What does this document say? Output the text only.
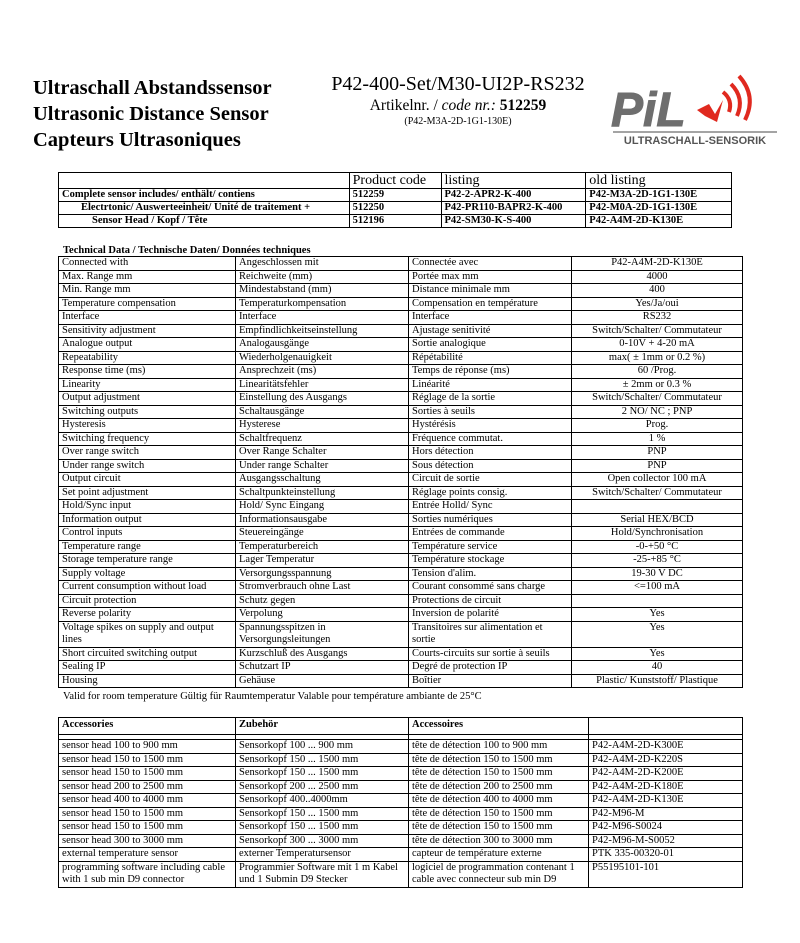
Ultraschall Abstandssensor
Ultrasonic Distance Sensor
Capteurs Ultrasoniques
P42-400-Set/M30-UI2P-RS232
Artikelnr. / code nr.: 512259
(P42-M3A-2D-1G1-130E)	PiL
ULTRASCHALL-SENSORIK
	Product code	listing	old listing
Complete sensor includes/ enthält/ contiens	512259	P42-2-APR2-K-400	P42-M3A-2D-1G1-130E
Electrtonic/ Auswerteeinheit/ Unité de traitement +	512250	P42-PR110-BAPR2-K-400	P42-M0A-2D-1G1-130E
Sensor Head / Kopf / Tête	512196	P42-SM30-K-S-400	P42-A4M-2D-K130E
Technical Data / Technische Daten/ Données techniques
Connected with	Angeschlossen mit	Connectée avec	P42-A4M-2D-K130E
Max. Range mm	Reichweite (mm)	Portée max mm	4000
Min. Range mm	Mindestabstand (mm)	Distance minimale mm	400
Temperature compensation	Temperaturkompensation	Compensation en température	Yes/Ja/oui
Interface	Interface	Interface	RS232
Sensitivity adjustment	Empfindlichkeitseinstellung	Ajustage senitivité	Switch/Schalter/ Commutateur
Analogue output	Analogausgänge	Sortie analogique	0-10V + 4-20 mA
Repeatability	Wiederholgenauigkeit	Répétabilité	max( ± 1mm or 0.2 %)
Response time (ms)	Ansprechzeit (ms)	Temps de réponse (ms)	60 /Prog.
Linearity	Linearitätsfehler	Linéarité	± 2mm or 0.3 %
Output adjustment	Einstellung des Ausgangs	Réglage de la sortie	Switch/Schalter/ Commutateur
Switching outputs	Schaltausgänge	Sorties à seuils	2 NO/ NC ; PNP
Hysteresis	Hysterese	Hystérésis	Prog.
Switching frequency	Schaltfrequenz	Fréquence commutat.	1 %
Over range switch	Over Range Schalter	Hors détection	PNP
Under range switch	Under range Schalter	Sous détection	PNP
Output circuit	Ausgangsschaltung	Circuit de sortie	Open collector 100 mA
Set point adjustment	Schaltpunkteinstellung	Réglage points consig.	Switch/Schalter/ Commutateur
Hold/Sync input	Hold/ Sync Eingang	Entrée Holld/ Sync	
Information output	Informationsausgabe	Sorties numériques	Serial HEX/BCD
Control inputs	Steuereingänge	Entrées de commande	Hold/Synchronisation
Temperature range	Temperaturbereich	Température service	-0-+50 °C
Storage temperature range	Lager Temperatur	Température stockage	-25-+85 °C
Supply voltage	Versorgungsspannung	Tension d'alim.	19-30 V DC
Current consumption without load	Stromverbrauch ohne Last	Courant consommé sans charge	<=100 mA
Circuit protection	Schutz gegen	Protections de circuit	
Reverse polarity	Verpolung	Inversion de polarité	Yes
Voltage spikes on supply and output lines	Spannungsspitzen in Versorgungsleitungen	Transitoires sur alimentation et sortie	Yes
Short circuited switching output	Kurzschluß des Ausgangs	Courts-circuits sur sortie à seuils	Yes
Sealing IP	Schutzart IP	Degré de protection IP	40
Housing	Gehäuse	Boîtier	Plastic/ Kunststoff/ Plastique
Valid for room temperature Gültig für Raumtemperatur Valable pour température ambiante de 25°C
Accessories	Zubehör	Accessoires	

sensor head 100 to 900 mm	Sensorkopf 100 ... 900 mm	tête de détection 100 to 900 mm	P42-A4M-2D-K300E
sensor head 150 to 1500 mm	Sensorkopf 150 ... 1500 mm	tête de détection 150 to 1500 mm	P42-A4M-2D-K220S
sensor head 150 to 1500 mm	Sensorkopf 150 ... 1500 mm	tête de détection 150 to 1500 mm	P42-A4M-2D-K200E
sensor head 200 to 2500 mm	Sensorkopf 200 ... 2500 mm	tête de détection 200 to 2500 mm	P42-A4M-2D-K180E
sensor head 400 to 4000 mm	Sensorkopf 400..4000mm	tête de détection 400 to 4000 mm	P42-A4M-2D-K130E
sensor head 150 to 1500 mm	Sensorkopf 150 ... 1500 mm	tête de détection 150 to 1500 mm	P42-M96-M
sensor head 150 to 1500 mm	Sensorkopf 150 ... 1500 mm	tête de détection 150 to 1500 mm	P42-M96-S0024
sensor head 300 to 3000 mm	Sensorkopf 300 ... 3000 mm	tête de détection 300 to 3000 mm	P42-M96-M-S0052
external temperature sensor	externer Temperatursensor	capteur de température externe	PTK 335-00320-01
programming software including cable with 1 sub min D9 connector	Programmier Software mit 1 m Kabel und 1 Submin D9 Stecker	logiciel de programmation contenant 1 cable avec connecteur sub min D9	P55195101-101
